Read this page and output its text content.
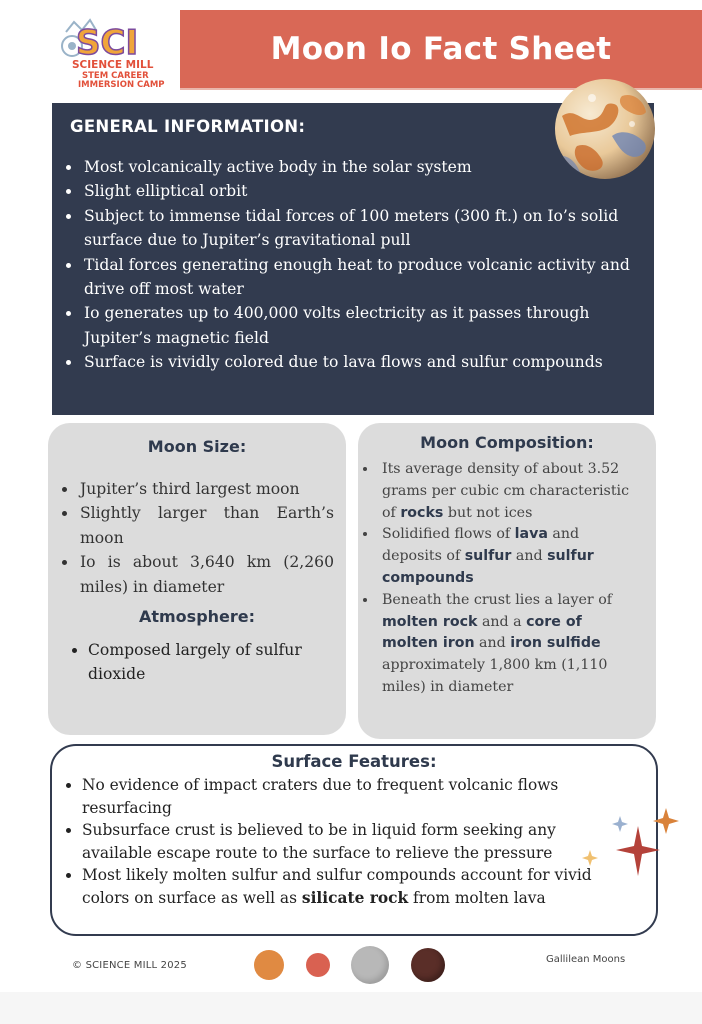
SCI
SCIENCE MILL
STEM CAREER
IMMERSION CAMP
Moon Io Fact Sheet
GENERAL INFORMATION:
• Most volcanically active body in the solar system
• Slight elliptical orbit
• Subject to immense tidal forces of 100 meters (300 ft.) on Io’s solid surface due to Jupiter’s gravitational pull
• Tidal forces generating enough heat to produce volcanic activity and drive off most water
• Io generates up to 400,000 volts electricity as it passes through Jupiter’s magnetic field
• Surface is vividly colored due to lava flows and sulfur compounds
Moon Size:
• Jupiter’s third largest moon
• Slightly larger than Earth’s moon
• Io is about 3,640 km (2,260 miles) in diameter
Atmosphere:
• Composed largely of sulfur dioxide
Moon Composition:
• Its average density of about 3.52 grams per cubic cm characteristic of rocks but not ices
• Solidified flows of lava and deposits of sulfur and sulfur compounds
• Beneath the crust lies a layer of molten rock and a core of molten iron and iron sulfide approximately 1,800 km (1,110 miles) in diameter
Surface Features:
• No evidence of impact craters due to frequent volcanic flows resurfacing
• Subsurface crust is believed to be in liquid form seeking any available escape route to the surface to relieve the pressure
• Most likely molten sulfur and sulfur compounds account for vivid colors on surface as well as silicate rock from molten lava
© SCIENCE MILL 2025
Gallilean Moons
